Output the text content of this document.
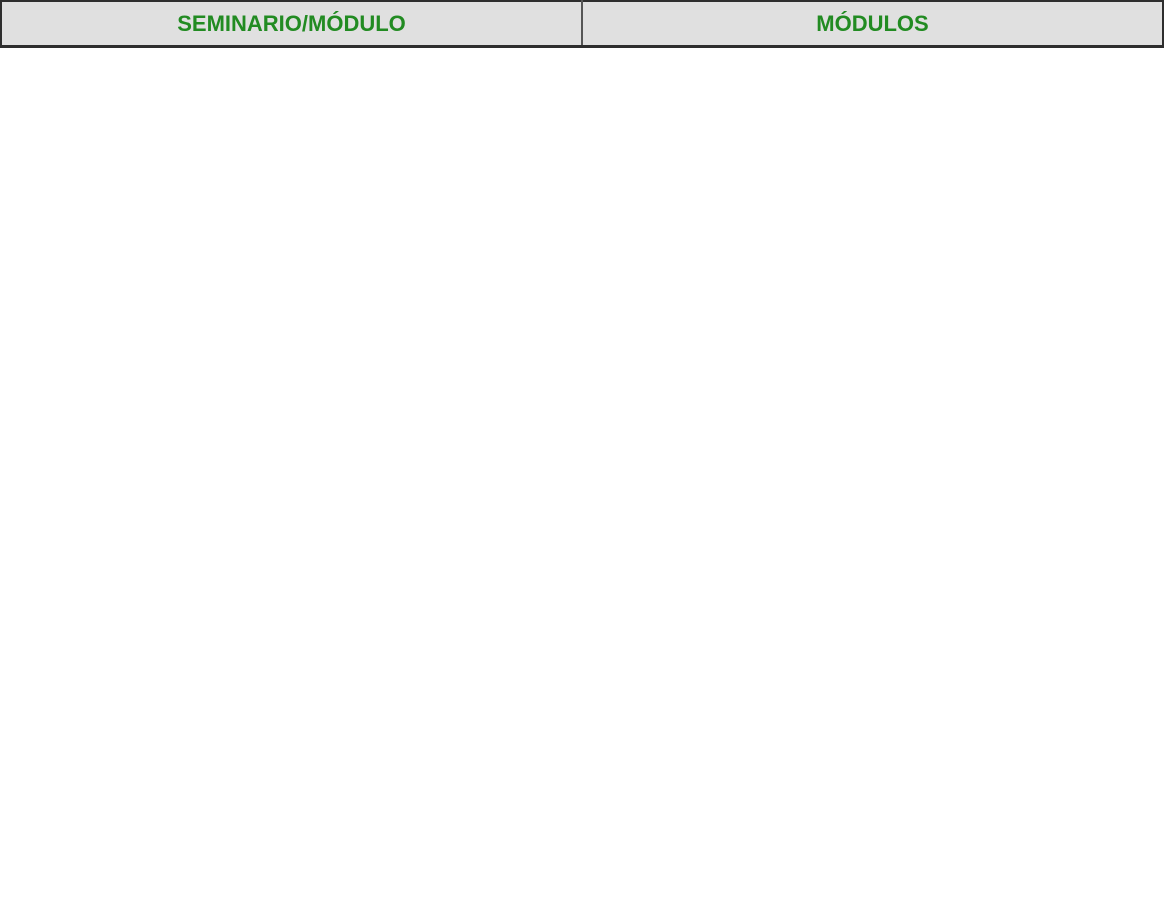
SEMINARIO/MÓDULO	MÓDULOS
